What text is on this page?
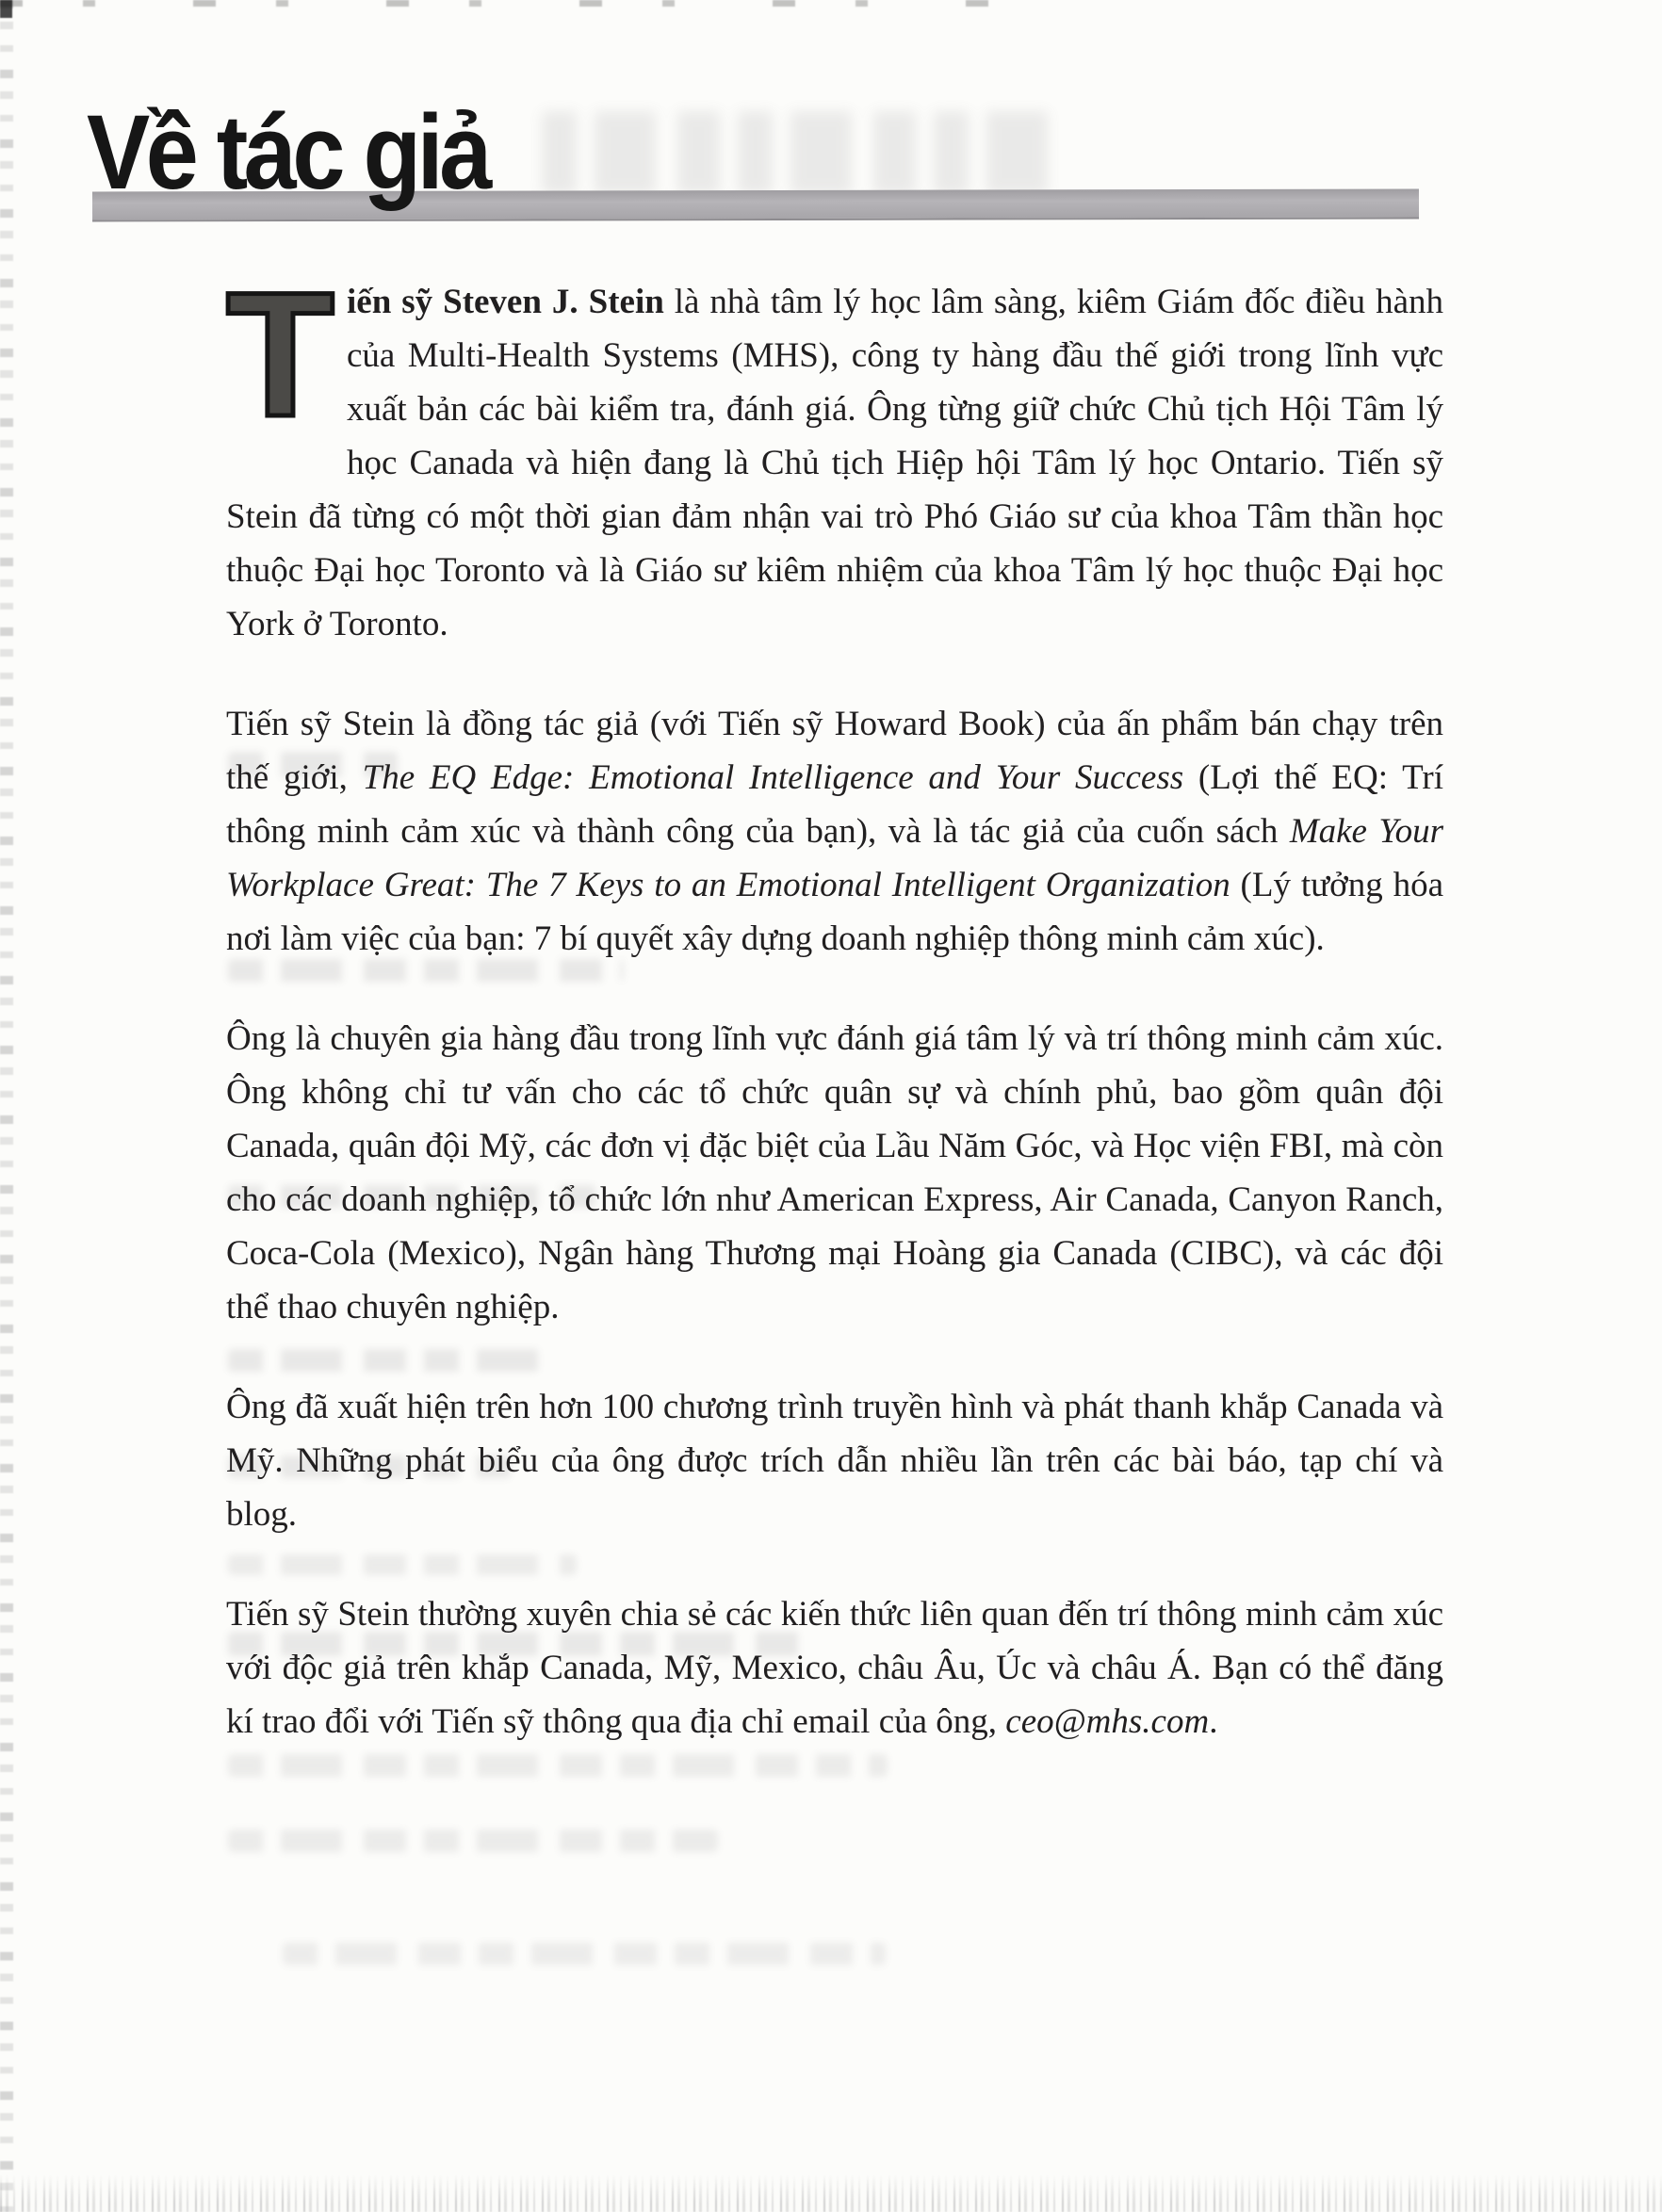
Về tác giả

Tiến sỹ Steven J. Stein là nhà tâm lý học lâm sàng, kiêm Giám đốc điều hành của Multi-Health Systems (MHS), công ty hàng đầu thế giới trong lĩnh vực xuất bản các bài kiểm tra, đánh giá. Ông từng giữ chức Chủ tịch Hội Tâm lý học Canada và hiện đang là Chủ tịch Hiệp hội Tâm lý học Ontario. Tiến sỹ Stein đã từng có một thời gian đảm nhận vai trò Phó Giáo sư của khoa Tâm thần học thuộc Đại học Toronto và là Giáo sư kiêm nhiệm của khoa Tâm lý học thuộc Đại học York ở Toronto.

Tiến sỹ Stein là đồng tác giả (với Tiến sỹ Howard Book) của ấn phẩm bán chạy trên thế giới, The EQ Edge: Emotional Intelligence and Your Success (Lợi thế EQ: Trí thông minh cảm xúc và thành công của bạn), và là tác giả của cuốn sách Make Your Workplace Great: The 7 Keys to an Emotional Intelligent Organization (Lý tưởng hóa nơi làm việc của bạn: 7 bí quyết xây dựng doanh nghiệp thông minh cảm xúc).

Ông là chuyên gia hàng đầu trong lĩnh vực đánh giá tâm lý và trí thông minh cảm xúc. Ông không chỉ tư vấn cho các tổ chức quân sự và chính phủ, bao gồm quân đội Canada, quân đội Mỹ, các đơn vị đặc biệt của Lầu Năm Góc, và Học viện FBI, mà còn cho các doanh nghiệp, tổ chức lớn như American Express, Air Canada, Canyon Ranch, Coca-Cola (Mexico), Ngân hàng Thương mại Hoàng gia Canada (CIBC), và các đội thể thao chuyên nghiệp.

Ông đã xuất hiện trên hơn 100 chương trình truyền hình và phát thanh khắp Canada và Mỹ. Những phát biểu của ông được trích dẫn nhiều lần trên các bài báo, tạp chí và blog.

Tiến sỹ Stein thường xuyên chia sẻ các kiến thức liên quan đến trí thông minh cảm xúc với độc giả trên khắp Canada, Mỹ, Mexico, châu Âu, Úc và châu Á. Bạn có thể đăng kí trao đổi với Tiến sỹ thông qua địa chỉ email của ông, ceo@mhs.com.
